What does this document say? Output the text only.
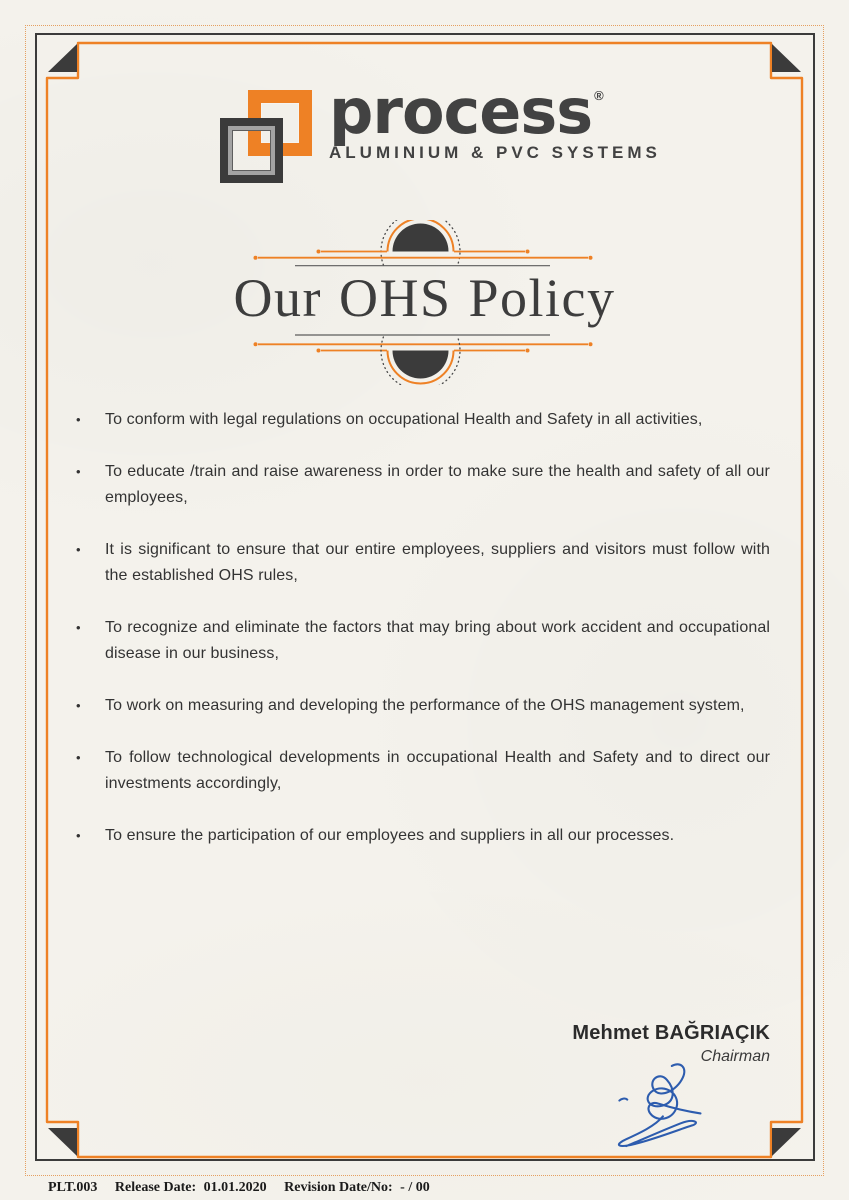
process ®
ALUMINIUM & PVC SYSTEMS
Our OHS Policy
•	To conform with legal regulations on occupational Health and Safety in all activities,
•	To educate /train and raise awareness in order to make sure the health and safety of all our employees,
•	It is significant to ensure that our entire employees, suppliers and visitors must follow with the established OHS rules,
•	To recognize and eliminate the factors that may bring about work accident and occupational disease in our business,
•	To work on measuring and developing the performance of the OHS management system,
•	To follow technological developments in occupational Health and Safety and to direct our investments accordingly,
•	To ensure the participation of our employees and suppliers in all our processes.
Mehmet BAĞRIAÇIK
Chairman
PLT.003 Release Date: 01.01.2020 Revision Date/No: - / 00
